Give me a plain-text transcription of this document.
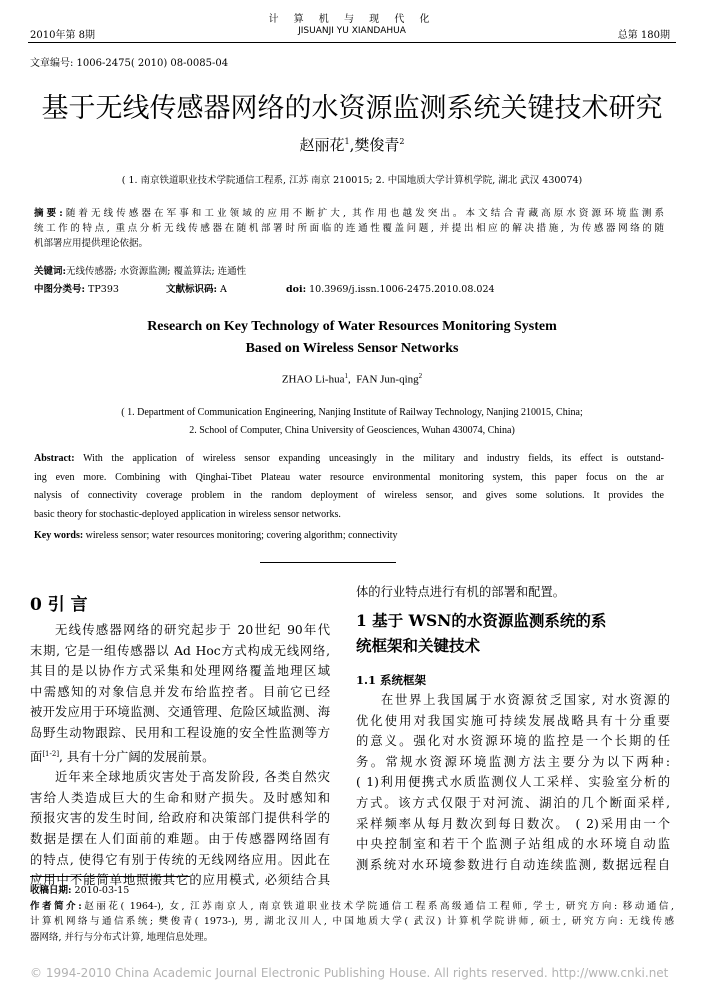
2010年第 8期
计 算 机 与 现 代 化
JISUANJI YU XIANDAHUA	总第 180期
文章编号: 1006-2475( 2010) 08-0085-04
基于无线传感器网络的水资源监测系统关键技术研究
赵丽花$^1$,樊俊青$^2$
( 1. 南京铁道职业技术学院通信工程系, 江苏 南京 210015; 2. 中国地质大学计算机学院, 湖北 武汉 430074)
摘要:随着无线传感器在军事和工业领域的应用不断扩大, 其作用也越发突出。本文结合青藏高原水资源环境监测系
统工作的特点, 重点分析无线传感器在随机部署时所面临的连通性覆盖问题, 并提出相应的解决措施, 为传感器网络的随
机部署应用提供理论依据。
关键词:无线传感器; 水资源监测; 覆盖算法; 连通性
中图分类号: TP393	文献标识码: A	doi: 10.3969/j.issn.1006-2475.2010.08.024
Research on Key Technology of Water Resources Monitoring System
Based on Wireless Sensor Networks
ZHAO Li-hua$^1$, FAN Jun-qing$^2$
( 1. Department of Communication Engineering, Nanjing Institute of Railway Technology, Nanjing 210015, China;
2. School of Computer, China University of Geosciences, Wuhan 430074, China)
Abstract: With the application of wireless sensor expanding unceasingly in the military and industry fields, its effect is outstand-
ing even more. Combining with Qinghai-Tibet Plateau water resource environmental monitoring system, this paper focus on the ar
nalysis of connectivity coverage problem in the random deployment of wireless sensor, and gives some solutions. It provides the
basic theory for stochastic-deployed application in wireless sensor networks.
Key words: wireless sensor; water resources monitoring; covering algorithm; connectivity
0 引 言
无线传感器网络的研究起步于 20世纪 90年代
末期, 它是一组传感器以 Ad Hoc方式构成无线网络,
其目的是以协作方式采集和处理网络覆盖地理区域
中需感知的对象信息并发布给监控者。目前它已经
被开发应用于环境监测、交通管理、危险区域监测、海
岛野生动物跟踪、民用和工程设施的安全性监测等方
面[1-2], 具有十分广阔的发展前景。
近年来全球地质灾害处于高发阶段, 各类自然灾
害给人类造成巨大的生命和财产损失。及时感知和
预报灾害的发生时间, 给政府和决策部门提供科学的
数据是摆在人们面前的难题。由于传感器网络固有
的特点, 使得它有别于传统的无线网络应用。因此在
应用中不能简单地照搬其它的应用模式, 必须结合具
体的行业特点进行有机的部署和配置。
1 基于 WSN的水资源监测系统的系
统框架和关键技术
1.1 系统框架
在世界上我国属于水资源贫乏国家, 对水资源的
优化使用对我国实施可持续发展战略具有十分重要
的意义。强化对水资源环境的监控是一个长期的任
务。常规水资源环境监测方法主要分为以下两种:
( 1)利用便携式水质监测仪人工采样、实验室分析的
方式。该方式仅限于对河流、湖泊的几个断面采样,
采样频率从每月数次到每日数次。 ( 2)采用由一个
中央控制室和若干个监测子站组成的水环境自动监
测系统对水环境参数进行自动连续监测, 数据远程自
收稿日期: 2010-03-15
作者简介:赵丽花( 1964-), 女, 江苏南京人, 南京铁道职业技术学院通信工程系高级通信工程师, 学士, 研究方向: 移动通信,
计算机网络与通信系统; 樊俊青( 1973-), 男, 湖北汉川人, 中国地质大学( 武汉) 计算机学院讲师, 硕士, 研究方向: 无线传感
器网络, 并行与分布式计算, 地理信息处理。
© 1994-2010 China Academic Journal Electronic Publishing House. All rights reserved. http://www.cnki.net
